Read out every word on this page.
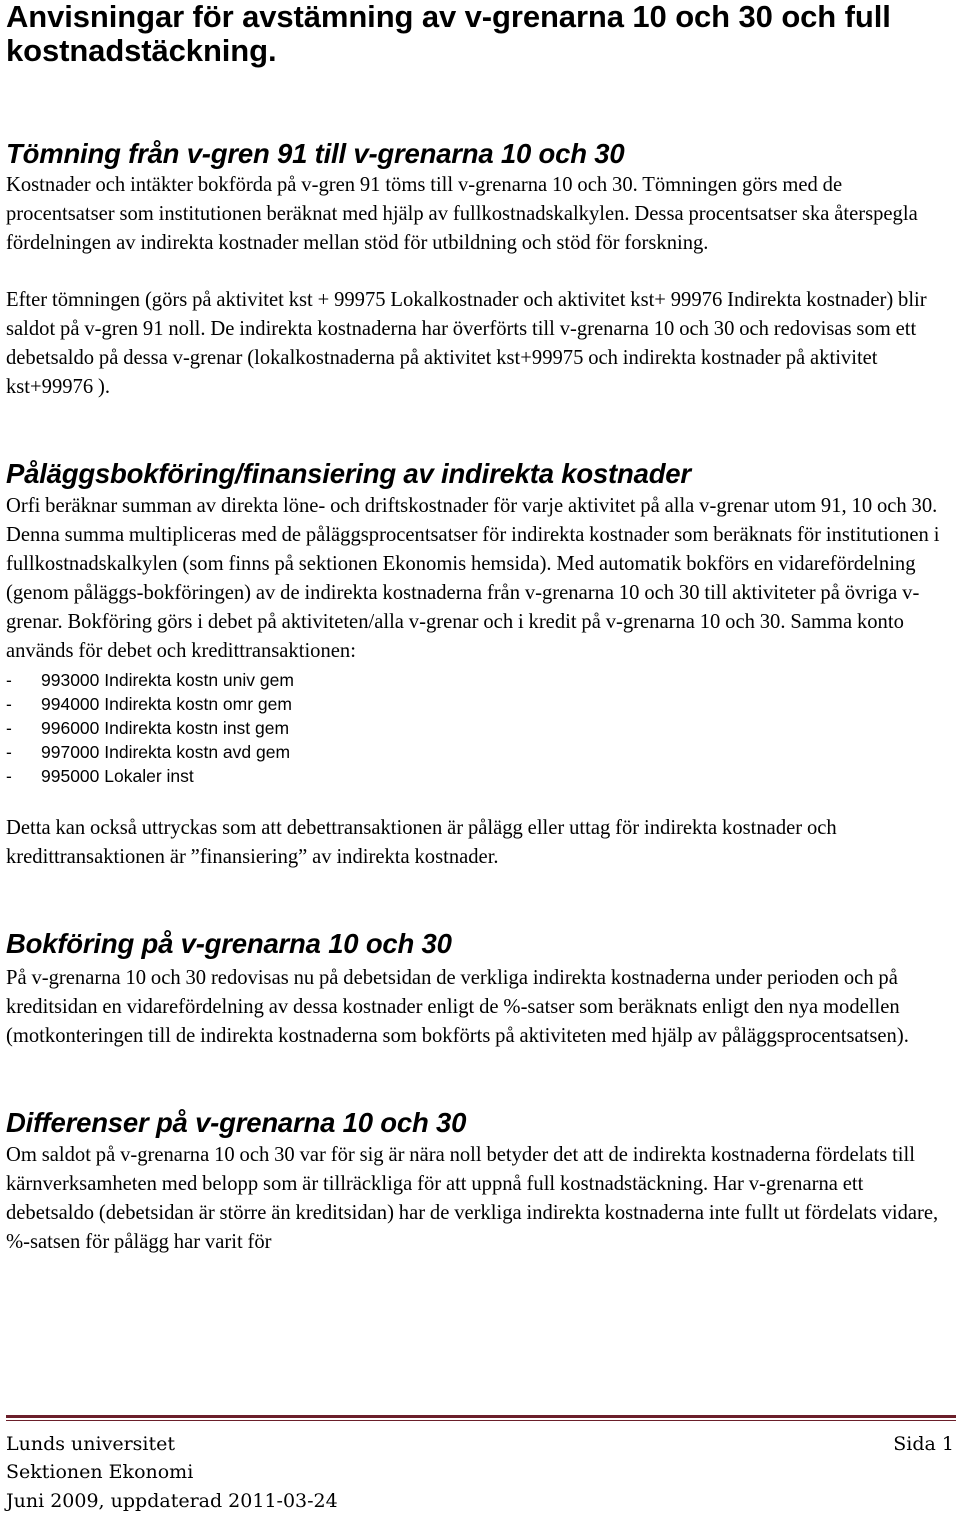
Anvisningar för avstämning av v-grenarna 10 och 30 och full kostnadstäckning.
Tömning från v-gren 91 till v-grenarna 10 och 30

Kostnader och intäkter bokförda på v-gren 91 töms till v-grenarna 10 och 30. Tömningen görs med de procentsatser som institutionen beräknat med hjälp av fullkostnadskalkylen. Dessa procentsatser ska återspegla fördelningen av indirekta kostnader mellan stöd för utbildning och stöd för forskning.

Efter tömningen (görs på aktivitet kst + 99975 Lokalkostnader och aktivitet kst+ 99976 Indirekta kostnader) blir saldot på v-gren 91 noll. De indirekta kostnaderna har överförts till v-grenarna 10 och 30 och redovisas som ett debetsaldo på dessa v-grenar (lokalkostnaderna på aktivitet kst+99975 och indirekta kostnader på aktivitet kst+99976 ).

Påläggsbokföring/finansiering av indirekta kostnader

Orfi beräknar summan av direkta löne- och driftskostnader för varje aktivitet på alla v-grenar utom 91, 10 och 30. Denna summa multipliceras med de påläggsprocentsatser för indirekta kostnader som beräknats för institutionen i fullkostnadskalkylen (som finns på sektionen Ekonomis hemsida). Med automatik bokförs en vidarefördelning (genom påläggs-bokföringen) av de indirekta kostnaderna från v-grenarna 10 och 30 till aktiviteter på övriga v-grenar. Bokföring görs i debet på aktiviteten/alla v-grenar och i kredit på v-grenarna 10 och 30. Samma konto används för debet och kredittransaktionen:

-	993000 Indirekta kostn univ gem
-	994000 Indirekta kostn omr gem
-	996000 Indirekta kostn inst gem
-	997000 Indirekta kostn avd gem
-	995000 Lokaler inst

Detta kan också uttryckas som att debettransaktionen är pålägg eller uttag för indirekta kostnader och kredittransaktionen är ”finansiering” av indirekta kostnader.

Bokföring på v-grenarna 10 och 30

På v-grenarna 10 och 30 redovisas nu på debetsidan de verkliga indirekta kostnaderna under perioden och på kreditsidan en vidarefördelning av dessa kostnader enligt de %-satser som beräknats enligt den nya modellen (motkonteringen till de indirekta kostnaderna som bokförts på aktiviteten med hjälp av påläggsprocentsatsen).

Differenser på v-grenarna 10 och 30

Om saldot på v-grenarna 10 och 30 var för sig är nära noll betyder det att de indirekta kostnaderna fördelats till kärnverksamheten med belopp som är tillräckliga för att uppnå full kostnadstäckning. Har v-grenarna ett debetsaldo (debetsidan är större än kreditsidan) har de verkliga indirekta kostnaderna inte fullt ut fördelats vidare, %-satsen för pålägg har varit för

Lunds universitet	Sida 1
Sektionen Ekonomi
Juni 2009, uppdaterad 2011-03-24
